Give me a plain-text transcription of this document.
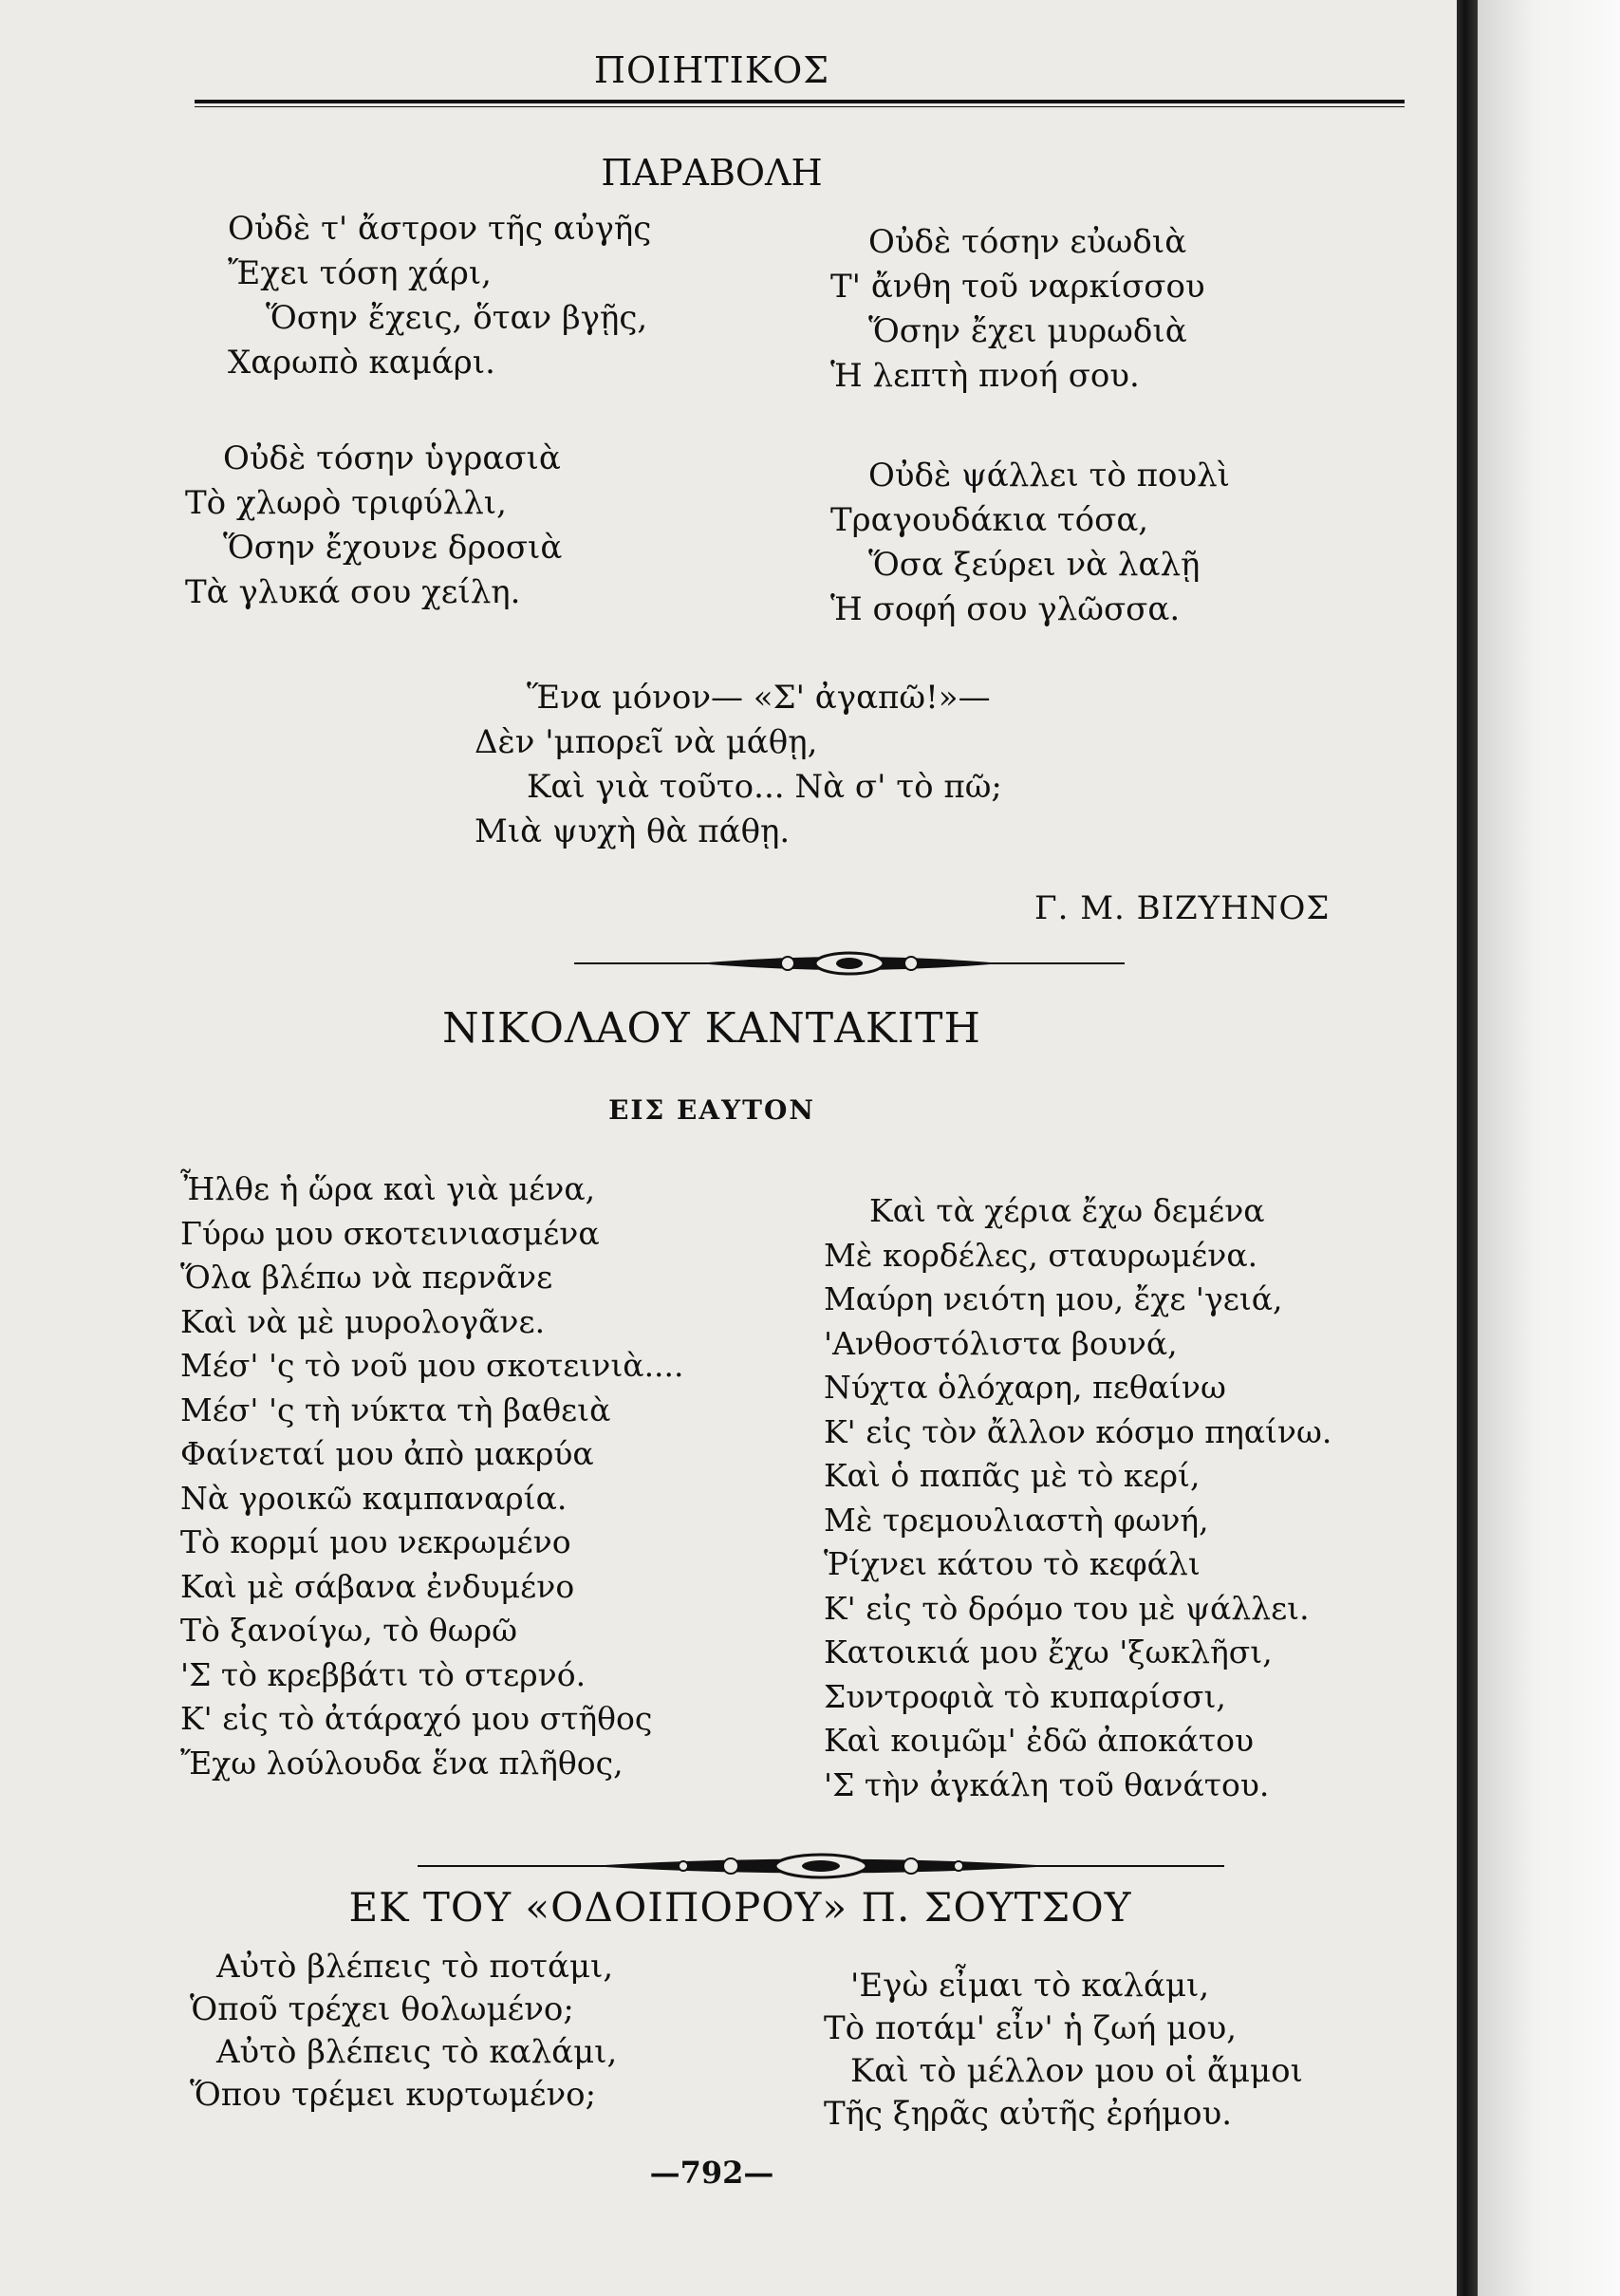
ΠΟΙΗΤΙΚΟΣ
ΠΑΡΑΒΟΛΗ
Οὐδὲ τ' ἄστρον τῆς αὐγῆς
Ἔχει τόση χάρι,
Ὅσην ἔχεις, ὅταν βγῇς,
Χαρωπὸ καμάρι.
Οὐδὲ τόσην εὐωδιὰ
Τ' ἄνθη τοῦ ναρκίσσου
Ὅσην ἔχει μυρωδιὰ
Ἡ λεπτὴ πνοή σου.
Οὐδὲ τόσην ὑγρασιὰ
Τὸ χλωρὸ τριφύλλι,
Ὅσην ἔχουνε δροσιὰ
Τὰ γλυκά σου χείλη.
Οὐδὲ ψάλλει τὸ πουλὶ
Τραγουδάκια τόσα,
Ὅσα ξεύρει νὰ λαλῇ
Ἡ σοφή σου γλῶσσα.
Ἕνα μόνον— «Σ' ἀγαπῶ!»—
Δὲν 'μπορεῖ νὰ μάθῃ,
Καὶ γιὰ τοῦτο... Νὰ σ' τὸ πῶ;
Μιὰ ψυχὴ θὰ πάθῃ.
Γ. Μ. ΒΙΖΥΗΝΟΣ
ΝΙΚΟΛΑΟΥ ΚΑΝΤΑΚΙΤΗ
ΕΙΣ ΕΑΥΤΟΝ
Ἦλθε ἡ ὥρα καὶ γιὰ μένα,
Γύρω μου σκοτεινιασμένα
Ὅλα βλέπω νὰ περνᾶνε
Καὶ νὰ μὲ μυρολογᾶνε.
Μέσ' 'ς τὸ νοῦ μου σκοτεινιὰ....
Μέσ' 'ς τὴ νύκτα τὴ βαθειὰ
Φαίνεταί μου ἀπὸ μακρύα
Νὰ γροικῶ καμπαναρία.
Τὸ κορμί μου νεκρωμένο
Καὶ μὲ σάβανα ἐνδυμένο
Τὸ ξανοίγω, τὸ θωρῶ
'Σ τὸ κρεββάτι τὸ στερνό.
Κ' εἰς τὸ ἀτάραχό μου στῆθος
Ἔχω λούλουδα ἕνα πλῆθος,
Καὶ τὰ χέρια ἔχω δεμένα
Μὲ κορδέλες, σταυρωμένα.
Μαύρη νειότη μου, ἔχε 'γειά,
'Ανθοστόλιστα βουνά,
Νύχτα ὁλόχαρη, πεθαίνω
Κ' εἰς τὸν ἄλλον κόσμο πηαίνω.
Καὶ ὁ παπᾶς μὲ τὸ κερί,
Μὲ τρεμουλιαστὴ φωνή,
Ῥίχνει κάτου τὸ κεφάλι
Κ' εἰς τὸ δρόμο του μὲ ψάλλει.
Κατοικιά μου ἔχω 'ξωκλῆσι,
Συντροφιὰ τὸ κυπαρίσσι,
Καὶ κοιμῶμ' ἐδῶ ἀποκάτου
'Σ τὴν ἀγκάλη τοῦ θανάτου.
ΕΚ ΤΟΥ «ΟΔΟΙΠΟΡΟΥ» Π. ΣΟΥΤΣΟΥ
Αὐτὸ βλέπεις τὸ ποτάμι,
Ὁποῦ τρέχει θολωμένο;
Αὐτὸ βλέπεις τὸ καλάμι,
Ὅπου τρέμει κυρτωμένο;
'Εγὼ εἶμαι τὸ καλάμι,
Τὸ ποτάμ' εἶν' ἡ ζωή μου,
Καὶ τὸ μέλλον μου οἱ ἄμμοι
Τῆς ξηρᾶς αὐτῆς ἐρήμου.
—792—
